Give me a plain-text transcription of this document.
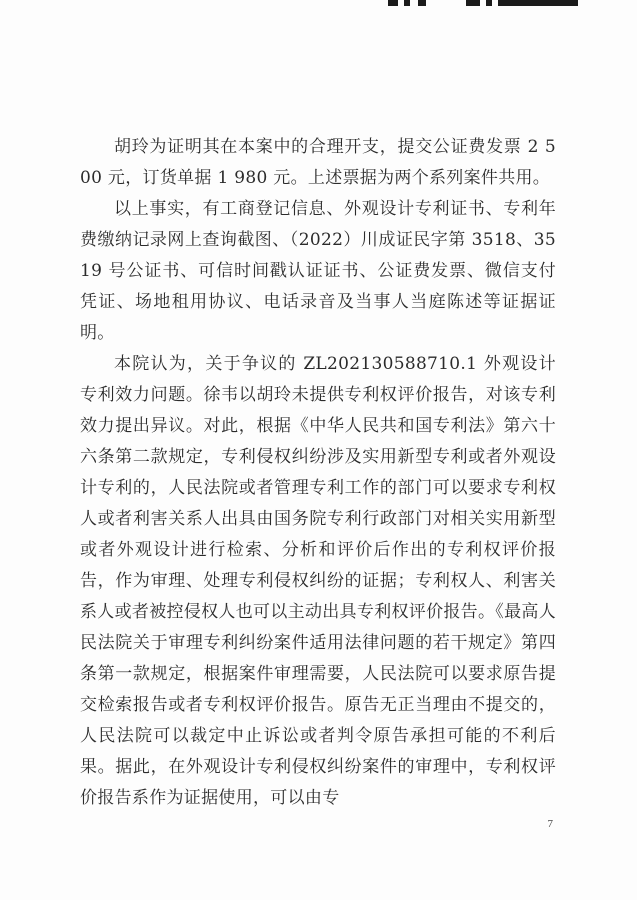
胡玲为证明其在本案中的合理开支，提交公证费发票 2 500 元，订货单据 1 980 元。上述票据为两个系列案件共用。

以上事实，有工商登记信息、外观设计专利证书、专利年费缴纳记录网上查询截图、（2022）川成证民字第 3518、3519 号公证书、可信时间戳认证证书、公证费发票、微信支付凭证、场地租用协议、电话录音及当事人当庭陈述等证据证明。

本院认为，关于争议的 ZL202130588710.1 外观设计专利效力问题。徐韦以胡玲未提供专利权评价报告，对该专利效力提出异议。对此，根据《中华人民共和国专利法》第六十六条第二款规定，专利侵权纠纷涉及实用新型专利或者外观设计专利的，人民法院或者管理专利工作的部门可以要求专利权人或者利害关系人出具由国务院专利行政部门对相关实用新型或者外观设计进行检索、分析和评价后作出的专利权评价报告，作为审理、处理专利侵权纠纷的证据；专利权人、利害关系人或者被控侵权人也可以主动出具专利权评价报告。《最高人民法院关于审理专利纠纷案件适用法律问题的若干规定》第四条第一款规定，根据案件审理需要，人民法院可以要求原告提交检索报告或者专利权评价报告。原告无正当理由不提交的，人民法院可以裁定中止诉讼或者判令原告承担可能的不利后果。据此，在外观设计专利侵权纠纷案件的审理中，专利权评价报告系作为证据使用，可以由专

7
